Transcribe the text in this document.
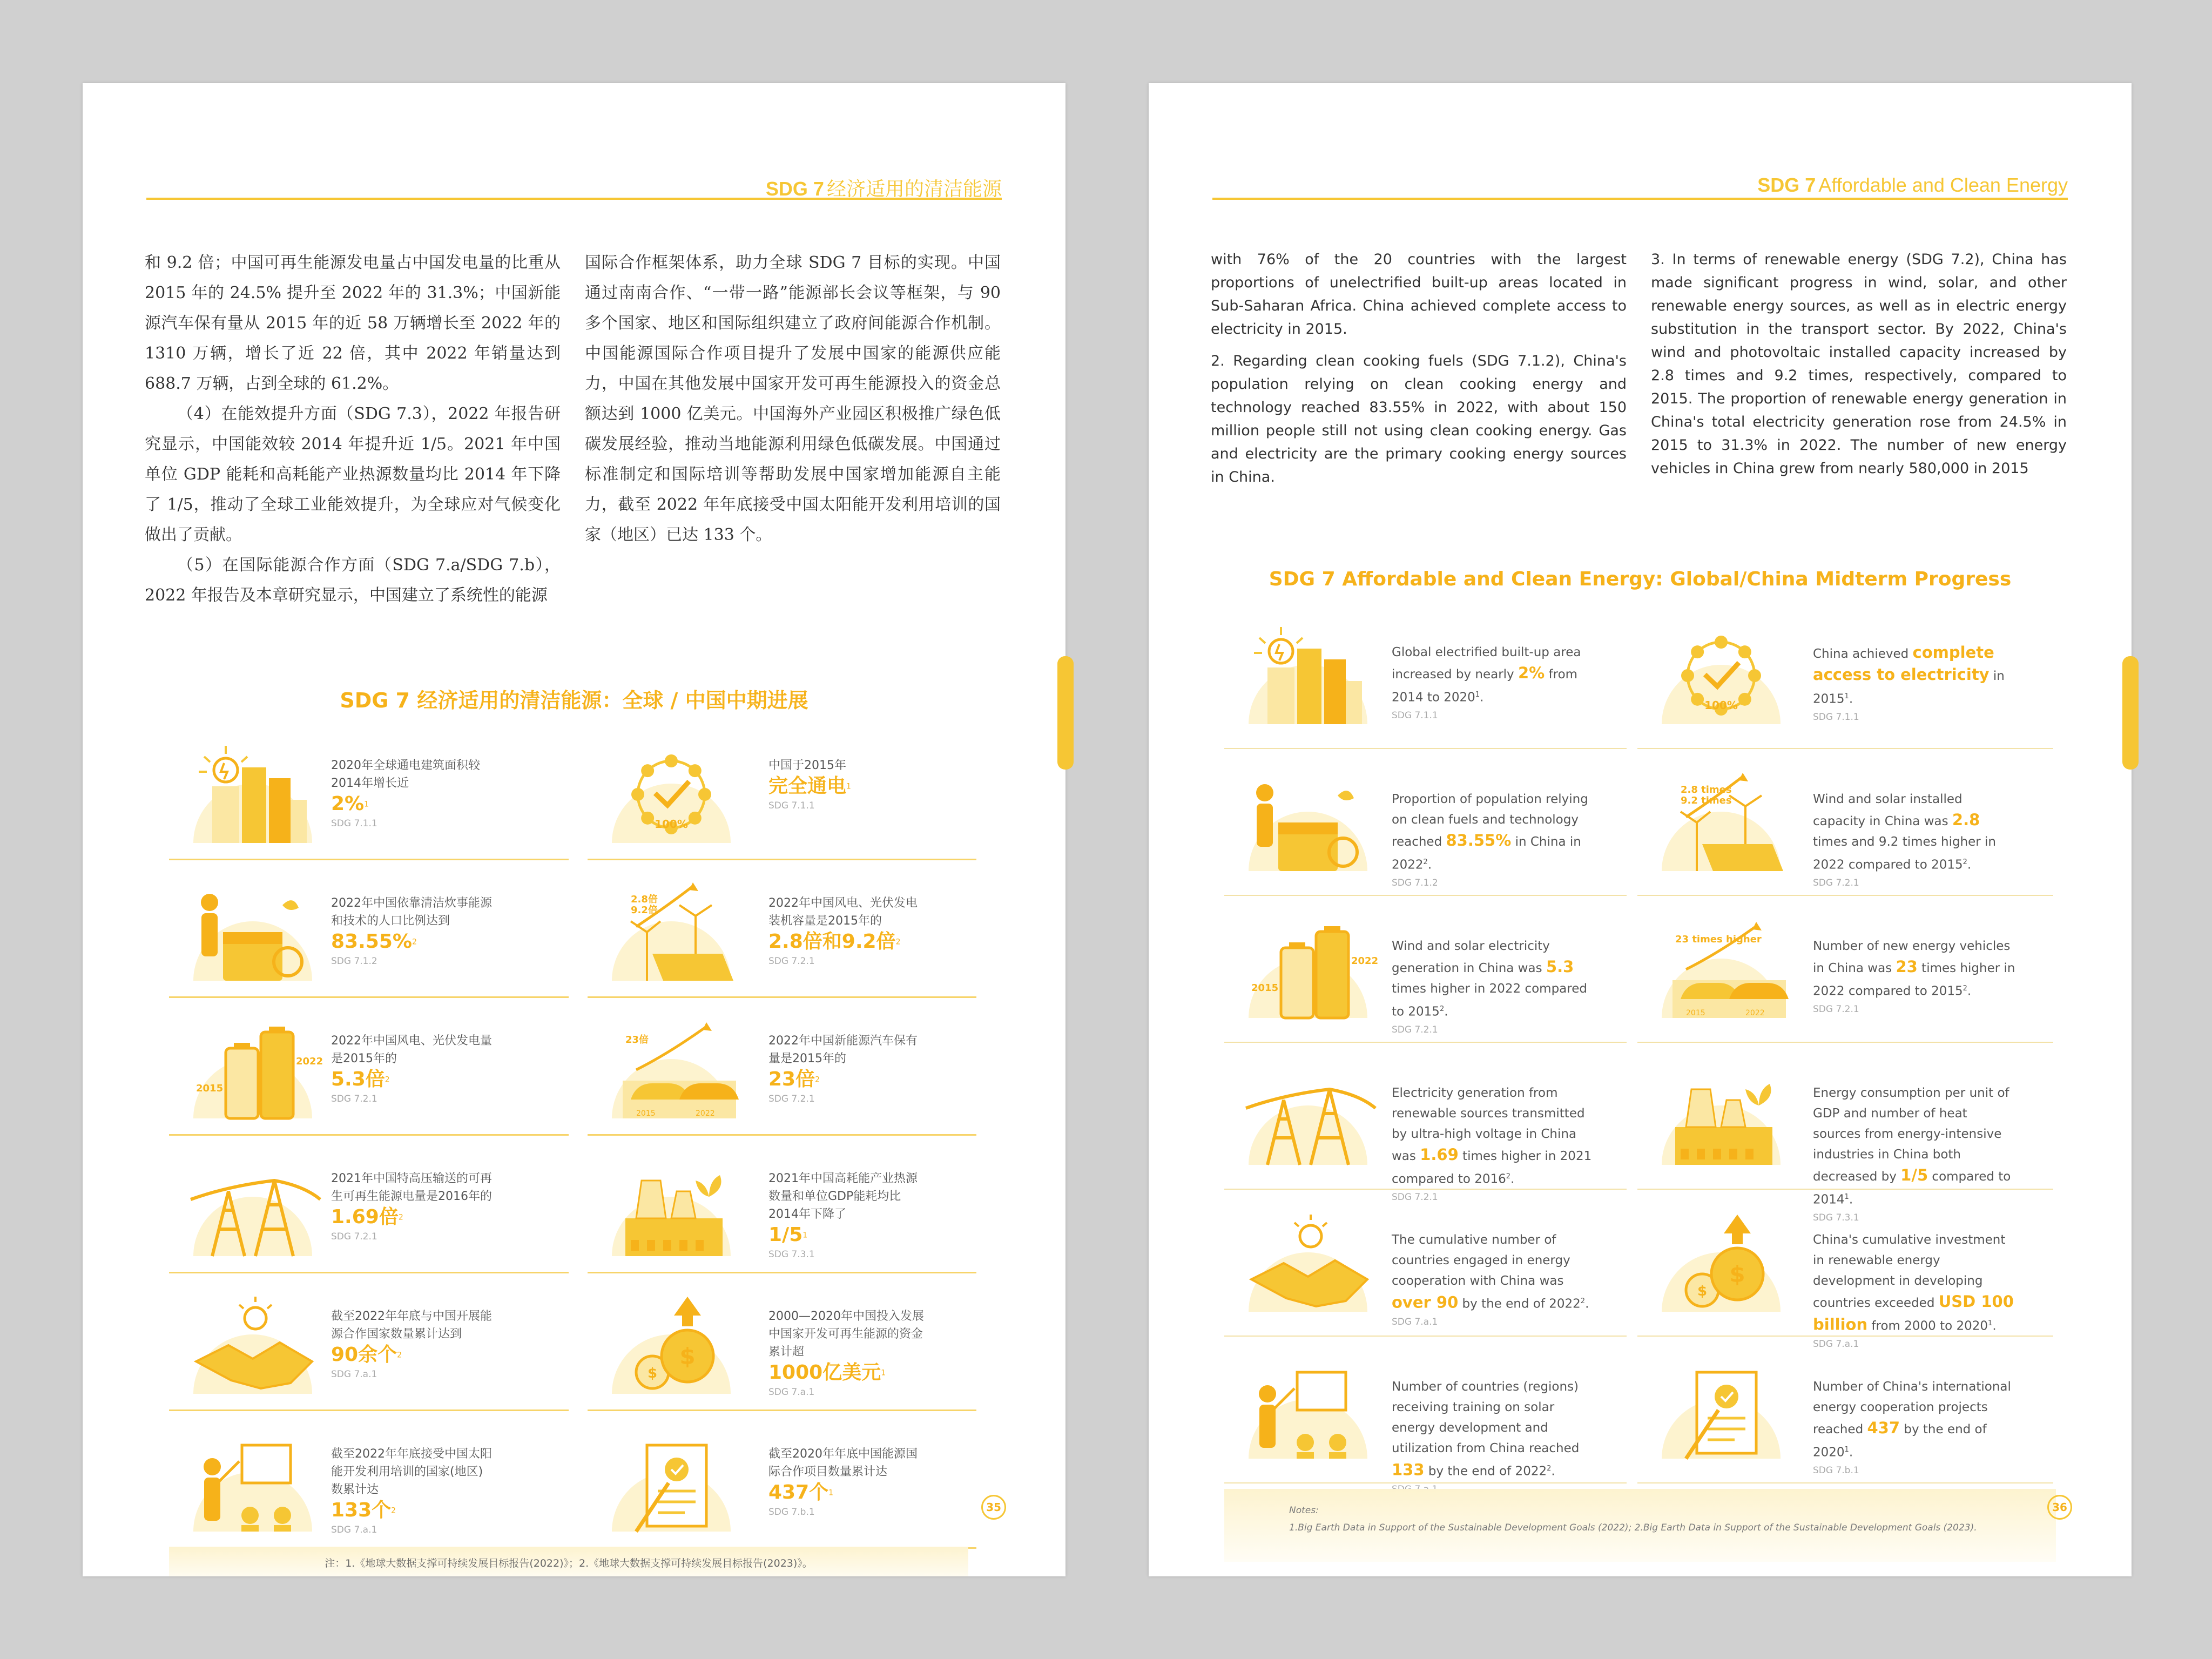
SDG 7 经济适用的清洁能源

和 9.2 倍；中国可再生能源发电量占中国发电量的比重从 2015 年的 24.5% 提升至 2022 年的 31.3%；中国新能源汽车保有量从 2015 年的近 58 万辆增长至 2022 年的 1310 万辆，增长了近 22 倍，其中 2022 年销量达到 688.7 万辆，占到全球的 61.2%。

（4）在能效提升方面（SDG 7.3），2022 年报告研究显示，中国能效较 2014 年提升近 1/5。2021 年中国单位 GDP 能耗和高耗能产业热源数量均比 2014 年下降了 1/5，推动了全球工业能效提升，为全球应对气候变化做出了贡献。

（5）在国际能源合作方面（SDG 7.a/SDG 7.b），2022 年报告及本章研究显示，中国建立了系统性的能源

国际合作框架体系，助力全球 SDG 7 目标的实现。中国通过南南合作、“一带一路”能源部长会议等框架，与 90 多个国家、地区和国际组织建立了政府间能源合作机制。中国能源国际合作项目提升了发展中国家的能源供应能力，中国在其他发展中国家开发可再生能源投入的资金总额达到 1000 亿美元。中国海外产业园区积极推广绿色低碳发展经验，推动当地能源利用绿色低碳发展。中国通过标准制定和国际培训等帮助发展中国家增加能源自主能力，截至 2022 年年底接受中国太阳能开发利用培训的国家（地区）已达 133 个。

SDG 7 经济适用的清洁能源：全球 / 中国中期进展
2020年全球通电建筑面积较2014年增长近
2%$^1$
SDG 7.1.1	100%
中国于2015年
完全通电$^1$
SDG 7.1.1
2022年中国依靠清洁炊事能源和技术的人口比例达到
83.55%$^2$
SDG 7.1.2
2.8倍
9.2倍
2022年中国风电、光伏发电装机容量是2015年的
2.8倍和9.2倍$^2$
SDG 7.2.1
2015
2022
2022年中国风电、光伏发电量是2015年的
5.3倍$^2$
SDG 7.2.1
23倍
2015	2022
2022年中国新能源汽车保有量是2015年的
23倍$^2$
SDG 7.2.1
2021年中国特高压输送的可再生可再生能源电量是2016年的
1.69倍$^2$
SDG 7.2.1
2021年中国高耗能产业热源数量和单位GDP能耗均比2014年下降了
$1/5^1$
SDG 7.3.1
截至2022年年底与中国开展能源合作国家数量累计达到
90余个$^2$
SDG 7.a.1
$
$
2000—2020年中国投入发展中国家开发可再生能源的资金累计超
1000亿美元$^1$
SDG 7.a.1
截至2022年年底接受中国太阳能开发利用培训的国家(地区)数累计达
133个$^2$
SDG 7.a.1
截至2020年年底中国能源国际合作项目数量累计达
437个$^1$
SDG 7.b.1
注：1.《地球大数据支撑可持续发展目标报告(2022)》；2.《地球大数据支撑可持续发展目标报告(2023)》。
35
SDG 7 Affordable and Clean Energy

with 76% of the 20 countries with the largest proportions of unelectrified built-up areas located in Sub-Saharan Africa. China achieved complete access to electricity in 2015.

2. Regarding clean cooking fuels (SDG 7.1.2), China's population relying on clean cooking energy and technology reached 83.55% in 2022, with about 150 million people still not using clean cooking energy. Gas and electricity are the primary cooking energy sources in China.

3. In terms of renewable energy (SDG 7.2), China has made significant progress in wind, solar, and other renewable energy sources, as well as in electric energy substitution in the transport sector. By 2022, China's wind and photovoltaic installed capacity increased by 2.8 times and 9.2 times, respectively, compared to 2015. The proportion of renewable energy generation in China's total electricity generation rose from 24.5% in 2015 to 31.3% in 2022. The number of new energy vehicles in China grew from nearly 580,000 in 2015

SDG 7 Affordable and Clean Energy: Global/China Midterm Progress
Global electrified built-up area increased by nearly 2% from 2014 to 2020$^1$.
SDG 7.1.1
100%
China achieved complete access to electricity in 2015$^1$.
SDG 7.1.1
Proportion of population relying on clean fuels and technology reached 83.55% in China in 2022$^2$.
SDG 7.1.2
2.8 times
9.2 times	Wind and solar installed capacity in China was 2.8 times and 9.2 times higher in 2022 compared to 2015$^2$.
SDG 7.2.1
2015
2022
Wind and solar electricity generation in China was 5.3 times higher in 2022 compared to 2015$^2$.
SDG 7.2.1
23 times higher
2015	2022
Number of new energy vehicles in China was 23 times higher in 2022 compared to 2015$^2$.
SDG 7.2.1
Electricity generation from renewable sources transmitted by ultra-high voltage in China was 1.69 times higher in 2021 compared to 2016$^2$.
SDG 7.2.1
Energy consumption per unit of GDP and number of heat sources from energy-intensive industries in China both decreased by 1/5 compared to 2014$^1$.
SDG 7.3.1
The cumulative number of countries engaged in energy cooperation with China was over 90 by the end of 2022$^2$.
SDG 7.a.1
$
$
China's cumulative investment in renewable energy development in developing countries exceeded USD 100 billion from 2000 to 2020$^1$.
SDG 7.a.1
Number of countries (regions) receiving training on solar energy development and utilization from China reached 133 by the end of 2022$^2$.
Number of China's international energy cooperation projects reached 437 by the end of 2020$^1$.
SDG 7.b.1
Notes:
1.Big Earth Data in Support of the Sustainable Development Goals (2022); 2.Big Earth Data in Support of the Sustainable Development Goals (2023).
36
